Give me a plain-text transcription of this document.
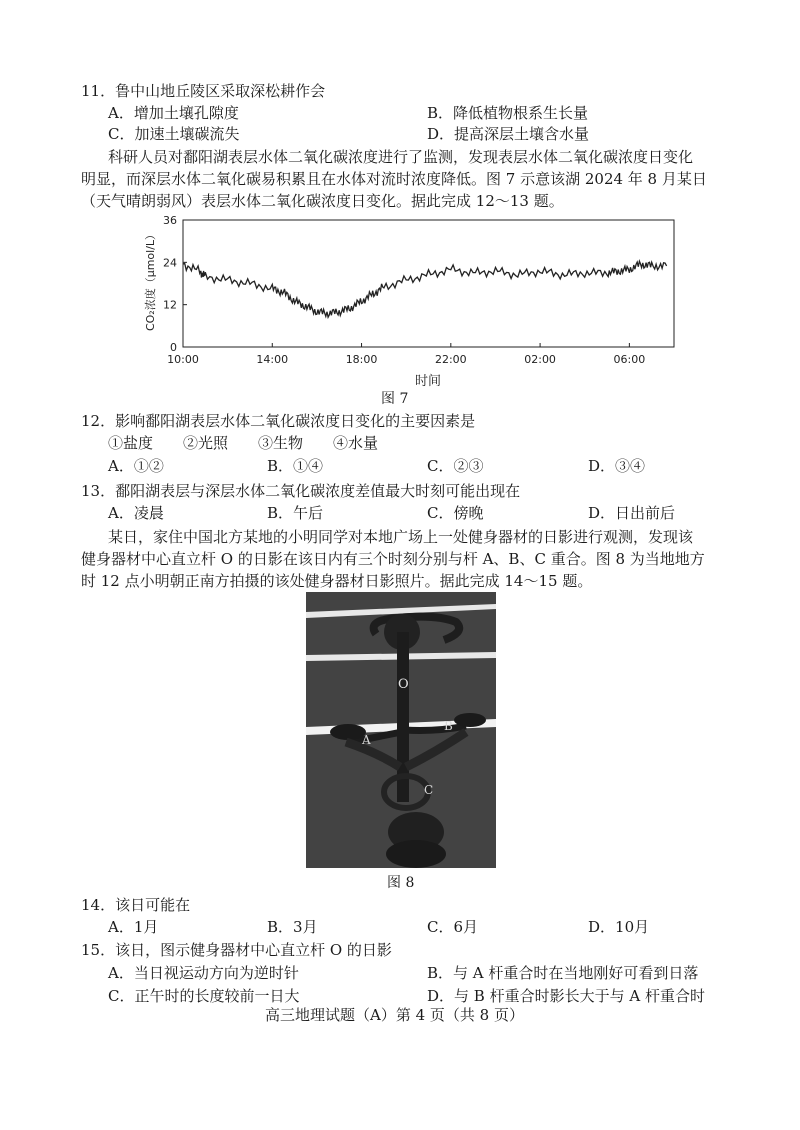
11．鲁中山地丘陵区采取深松耕作会
A．增加土壤孔隙度	B．降低植物根系生长量
C．加速土壤碳流失	D．提高深层土壤含水量
科研人员对鄱阳湖表层水体二氧化碳浓度进行了监测，发现表层水体二氧化碳浓度日变化
明显，而深层水体二氧化碳易积累且在水体对流时浓度降低。图 7 示意该湖 2024 年 8 月某日
（天气晴朗弱风）表层水体二氧化碳浓度日变化。据此完成 12～13 题。
0
12
24
36
10:00	14:00	18:00	22:00	02:00	06:00
CO₂浓度（μmol/L）
时间
图 7
12．影响鄱阳湖表层水体二氧化碳浓度日变化的主要因素是
①盐度　　②光照　　③生物　　④水量
A．①②	B．①④	C．②③	D．③④
13．鄱阳湖表层与深层水体二氧化碳浓度差值最大时刻可能出现在
A．凌晨	B．午后	C．傍晚	D．日出前后
某日，家住中国北方某地的小明同学对本地广场上一处健身器材的日影进行观测，发现该
健身器材中心直立杆 O 的日影在该日内有三个时刻分别与杆 A、B、C 重合。图 8 为当地地方
时 12 点小明朝正南方拍摄的该处健身器材日影照片。据此完成 14～15 题。
O
A
B
C
图 8
14．该日可能在
A．1月	B．3月	C．6月	D．10月
15．该日，图示健身器材中心直立杆 O 的日影
A．当日视运动方向为逆时针	B．与 A 杆重合时在当地刚好可看到日落
C．正午时的长度较前一日大	D．与 B 杆重合时影长大于与 A 杆重合时
高三地理试题（A）第 4 页（共 8 页）
